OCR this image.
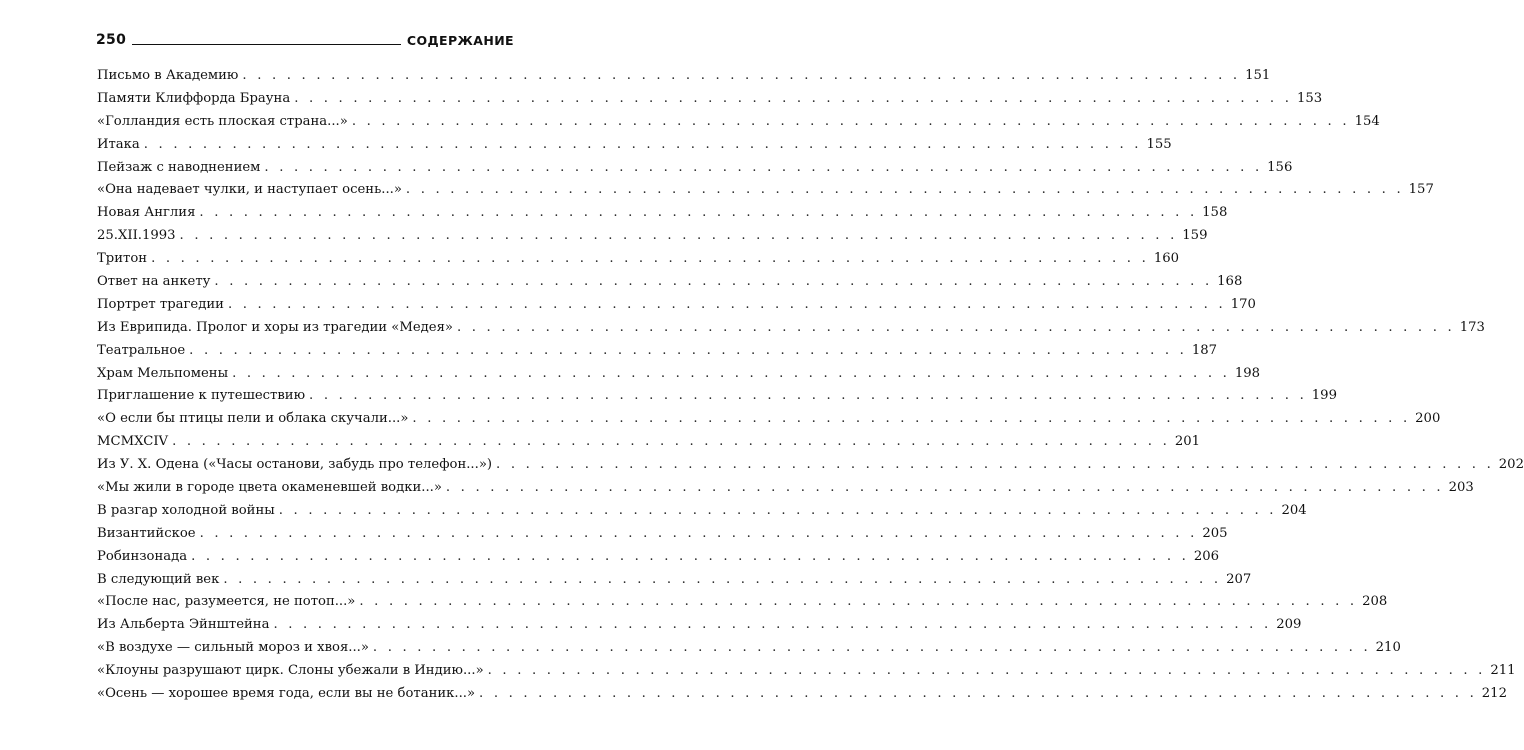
250	СОДЕРЖАНИЕ
Письмо в Академию . . . . . . . . . . . . . . . . . . . . . . . . . . . . . . . . . . . . . . . . . . . . . . . . . . . . . . . . . . . . . . . . . . . . 151
Памяти Клиффорда Брауна . . . . . . . . . . . . . . . . . . . . . . . . . . . . . . . . . . . . . . . . . . . . . . . . . . . . . . . . . . . . . . . . . . . . 153
«Голландия есть плоская страна...» . . . . . . . . . . . . . . . . . . . . . . . . . . . . . . . . . . . . . . . . . . . . . . . . . . . . . . . . . . . . . . . . . . . . 154
Итака . . . . . . . . . . . . . . . . . . . . . . . . . . . . . . . . . . . . . . . . . . . . . . . . . . . . . . . . . . . . . . . . . . . . 155
Пейзаж с наводнением . . . . . . . . . . . . . . . . . . . . . . . . . . . . . . . . . . . . . . . . . . . . . . . . . . . . . . . . . . . . . . . . . . . . 156
«Она надевает чулки, и наступает осень...» . . . . . . . . . . . . . . . . . . . . . . . . . . . . . . . . . . . . . . . . . . . . . . . . . . . . . . . . . . . . . . . . . . . . 157
Новая Англия . . . . . . . . . . . . . . . . . . . . . . . . . . . . . . . . . . . . . . . . . . . . . . . . . . . . . . . . . . . . . . . . . . . . 158
25.XII.1993 . . . . . . . . . . . . . . . . . . . . . . . . . . . . . . . . . . . . . . . . . . . . . . . . . . . . . . . . . . . . . . . . . . . . 159
Тритон . . . . . . . . . . . . . . . . . . . . . . . . . . . . . . . . . . . . . . . . . . . . . . . . . . . . . . . . . . . . . . . . . . . . 160
Ответ на анкету . . . . . . . . . . . . . . . . . . . . . . . . . . . . . . . . . . . . . . . . . . . . . . . . . . . . . . . . . . . . . . . . . . . . 168
Портрет трагедии . . . . . . . . . . . . . . . . . . . . . . . . . . . . . . . . . . . . . . . . . . . . . . . . . . . . . . . . . . . . . . . . . . . . 170
Из Еврипида. Пролог и хоры из трагедии «Медея» . . . . . . . . . . . . . . . . . . . . . . . . . . . . . . . . . . . . . . . . . . . . . . . . . . . . . . . . . . . . . . . . . . . . 173
Театральное . . . . . . . . . . . . . . . . . . . . . . . . . . . . . . . . . . . . . . . . . . . . . . . . . . . . . . . . . . . . . . . . . . . . 187
Храм Мельпомены . . . . . . . . . . . . . . . . . . . . . . . . . . . . . . . . . . . . . . . . . . . . . . . . . . . . . . . . . . . . . . . . . . . . 198
Приглашение к путешествию . . . . . . . . . . . . . . . . . . . . . . . . . . . . . . . . . . . . . . . . . . . . . . . . . . . . . . . . . . . . . . . . . . . . 199
«О если бы птицы пели и облака скучали...» . . . . . . . . . . . . . . . . . . . . . . . . . . . . . . . . . . . . . . . . . . . . . . . . . . . . . . . . . . . . . . . . . . . . 200
MCMXCIV . . . . . . . . . . . . . . . . . . . . . . . . . . . . . . . . . . . . . . . . . . . . . . . . . . . . . . . . . . . . . . . . . . . . 201
Из У. Х. Одена («Часы останови, забудь про телефон...») . . . . . . . . . . . . . . . . . . . . . . . . . . . . . . . . . . . . . . . . . . . . . . . . . . . . . . . . . . . . . . . . . . . . 202
«Мы жили в городе цвета окаменевшей водки...» . . . . . . . . . . . . . . . . . . . . . . . . . . . . . . . . . . . . . . . . . . . . . . . . . . . . . . . . . . . . . . . . . . . . 203
В разгар холодной войны . . . . . . . . . . . . . . . . . . . . . . . . . . . . . . . . . . . . . . . . . . . . . . . . . . . . . . . . . . . . . . . . . . . . 204
Византийское . . . . . . . . . . . . . . . . . . . . . . . . . . . . . . . . . . . . . . . . . . . . . . . . . . . . . . . . . . . . . . . . . . . . 205
Робинзонада . . . . . . . . . . . . . . . . . . . . . . . . . . . . . . . . . . . . . . . . . . . . . . . . . . . . . . . . . . . . . . . . . . . . 206
В следующий век . . . . . . . . . . . . . . . . . . . . . . . . . . . . . . . . . . . . . . . . . . . . . . . . . . . . . . . . . . . . . . . . . . . . 207
«После нас, разумеется, не потоп...» . . . . . . . . . . . . . . . . . . . . . . . . . . . . . . . . . . . . . . . . . . . . . . . . . . . . . . . . . . . . . . . . . . . . 208
Из Альберта Эйнштейна . . . . . . . . . . . . . . . . . . . . . . . . . . . . . . . . . . . . . . . . . . . . . . . . . . . . . . . . . . . . . . . . . . . . 209
«В воздухе — сильный мороз и хвоя...» . . . . . . . . . . . . . . . . . . . . . . . . . . . . . . . . . . . . . . . . . . . . . . . . . . . . . . . . . . . . . . . . . . . . 210
«Клоуны разрушают цирк. Слоны убежали в Индию...» . . . . . . . . . . . . . . . . . . . . . . . . . . . . . . . . . . . . . . . . . . . . . . . . . . . . . . . . . . . . . . . . . . . . 211
«Осень — хорошее время года, если вы не ботаник...» . . . . . . . . . . . . . . . . . . . . . . . . . . . . . . . . . . . . . . . . . . . . . . . . . . . . . . . . . . . . . . . . . . . . 212
